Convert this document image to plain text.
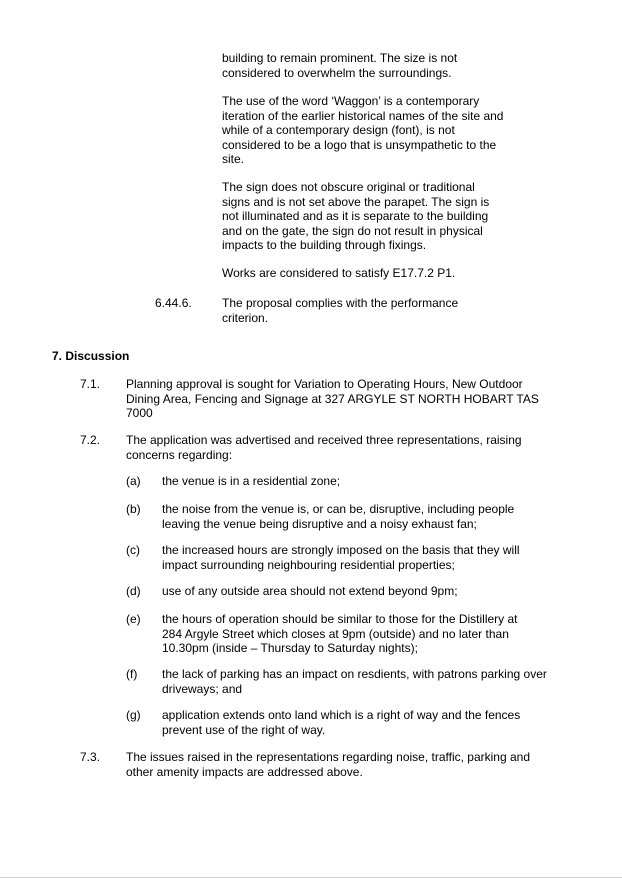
building to remain prominent. The size is not
considered to overwhelm the surroundings.
The use of the word ‘Waggon’ is a contemporary
iteration of the earlier historical names of the site and
while of a contemporary design (font), is not
considered to be a logo that is unsympathetic to the
site.
The sign does not obscure original or traditional
signs and is not set above the parapet. The sign is
not illuminated and as it is separate to the building
and on the gate, the sign do not result in physical
impacts to the building through fixings.
Works are considered to satisfy E17.7.2 P1.

6.44.6.	The proposal complies with the performance
criterion.

7. Discussion

7.1. Planning approval is sought for Variation to Operating Hours, New Outdoor
Dining Area, Fencing and Signage at 327 ARGYLE ST NORTH HOBART TAS
7000

7.2. The application was advertised and received three representations, raising
concerns regarding:

(a) the venue is in a residential zone;

(b) the noise from the venue is, or can be, disruptive, including people
leaving the venue being disruptive and a noisy exhaust fan;

(c) the increased hours are strongly imposed on the basis that they will
impact surrounding neighbouring residential properties;

(d) use of any outside area should not extend beyond 9pm;

(e) the hours of operation should be similar to those for the Distillery at
284 Argyle Street which closes at 9pm (outside) and no later than
10.30pm (inside – Thursday to Saturday nights);

(f) the lack of parking has an impact on resdients, with patrons parking over
driveways; and

(g) application extends onto land which is a right of way and the fences
prevent use of the right of way.

7.3. The issues raised in the representations regarding noise, traffic, parking and
other amenity impacts are addressed above.
